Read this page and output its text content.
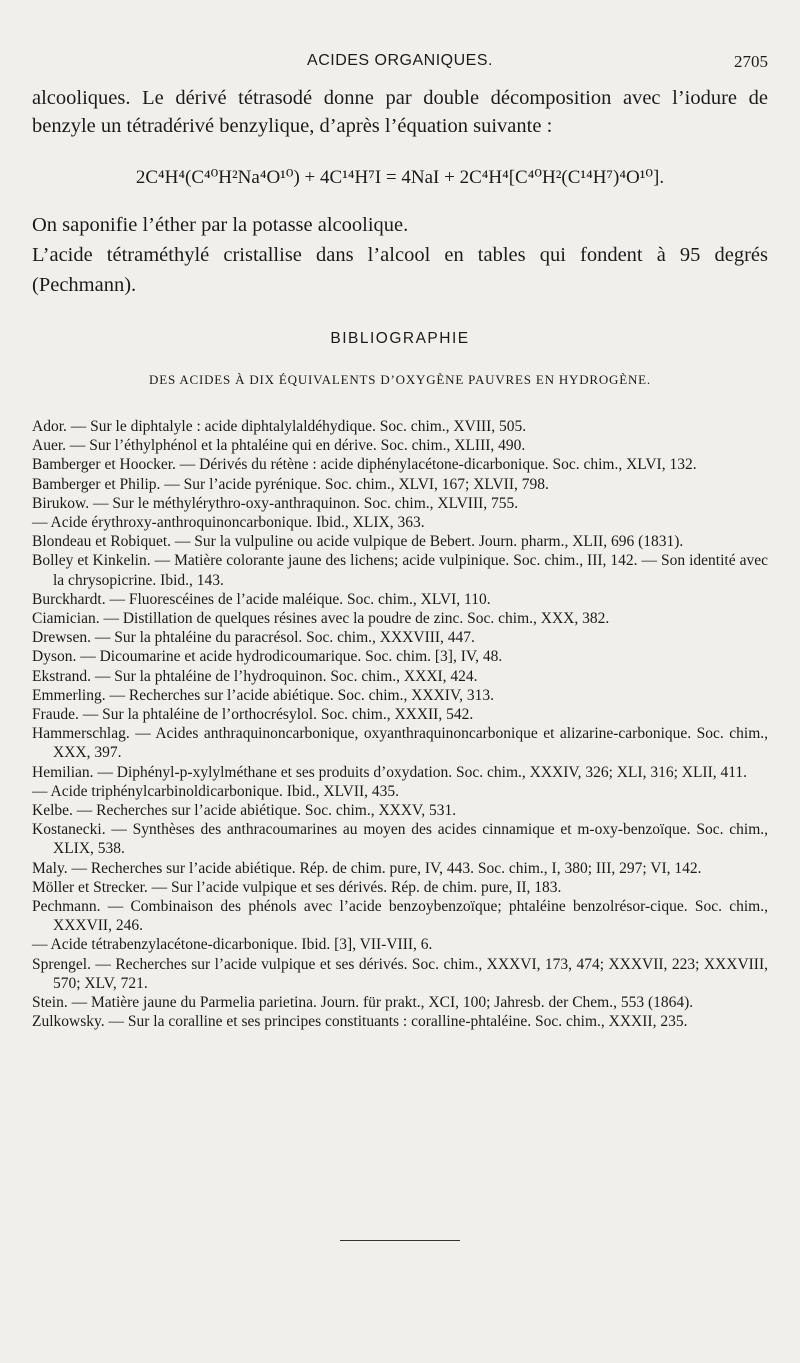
ACIDES ORGANIQUES.	2705

alcooliques. Le dérivé tétrasodé donne par double décomposition avec l’iodure de benzyle un tétradérivé benzylique, d’après l’équation suivante :

2C⁴H⁴(C⁴⁰H²Na⁴O¹⁰) + 4C¹⁴H⁷I = 4NaI + 2C⁴H⁴[C⁴⁰H²(C¹⁴H⁷)⁴O¹⁰].

On saponifie l’éther par la potasse alcoolique.

L’acide tétraméthylé cristallise dans l’alcool en tables qui fondent à 95 degrés (Pechmann).

BIBLIOGRAPHIE
DES ACIDES À DIX ÉQUIVALENTS D’OXYGÈNE PAUVRES EN HYDROGÈNE.

Ador. — Sur le diphtalyle : acide diphtalylaldéhydique. Soc. chim., XVIII, 505.

Auer. — Sur l’éthylphénol et la phtaléine qui en dérive. Soc. chim., XLIII, 490.

Bamberger et Hoocker. — Dérivés du rétène : acide diphénylacétone-dicarbonique. Soc. chim., XLVI, 132.

Bamberger et Philip. — Sur l’acide pyrénique. Soc. chim., XLVI, 167; XLVII, 798.

Birukow. — Sur le méthylérythro-oxy-anthraquinon. Soc. chim., XLVIII, 755.

— Acide érythroxy-anthroquinoncarbonique. Ibid., XLIX, 363.

Blondeau et Robiquet. — Sur la vulpuline ou acide vulpique de Bebert. Journ. pharm., XLII, 696 (1831).

Bolley et Kinkelin. — Matière colorante jaune des lichens; acide vulpinique. Soc. chim., III, 142. — Son identité avec la chrysopicrine. Ibid., 143.

Burckhardt. — Fluorescéines de l’acide maléique. Soc. chim., XLVI, 110.

Ciamician. — Distillation de quelques résines avec la poudre de zinc. Soc. chim., XXX, 382.

Drewsen. — Sur la phtaléine du paracrésol. Soc. chim., XXXVIII, 447.

Dyson. — Dicoumarine et acide hydrodicoumarique. Soc. chim. [3], IV, 48.

Ekstrand. — Sur la phtaléine de l’hydroquinon. Soc. chim., XXXI, 424.

Emmerling. — Recherches sur l’acide abiétique. Soc. chim., XXXIV, 313.

Fraude. — Sur la phtaléine de l’orthocrésylol. Soc. chim., XXXII, 542.

Hammerschlag. — Acides anthraquinoncarbonique, oxyanthraquinoncarbonique et alizarine-carbonique. Soc. chim., XXX, 397.

Hemilian. — Diphényl-p-xylylméthane et ses produits d’oxydation. Soc. chim., XXXIV, 326; XLI, 316; XLII, 411.

— Acide triphénylcarbinoldicarbonique. Ibid., XLVII, 435.

Kelbe. — Recherches sur l’acide abiétique. Soc. chim., XXXV, 531.

Kostanecki. — Synthèses des anthracoumarines au moyen des acides cinnamique et m-oxy-benzoïque. Soc. chim., XLIX, 538.

Maly. — Recherches sur l’acide abiétique. Rép. de chim. pure, IV, 443. Soc. chim., I, 380; III, 297; VI, 142.

Möller et Strecker. — Sur l’acide vulpique et ses dérivés. Rép. de chim. pure, II, 183.

Pechmann. — Combinaison des phénols avec l’acide benzoybenzoïque; phtaléine benzolrésor-cique. Soc. chim., XXXVII, 246.

— Acide tétrabenzylacétone-dicarbonique. Ibid. [3], VII-VIII, 6.

Sprengel. — Recherches sur l’acide vulpique et ses dérivés. Soc. chim., XXXVI, 173, 474; XXXVII, 223; XXXVIII, 570; XLV, 721.

Stein. — Matière jaune du Parmelia parietina. Journ. für prakt., XCI, 100; Jahresb. der Chem., 553 (1864).

Zulkowsky. — Sur la coralline et ses principes constituants : coralline-phtaléine. Soc. chim., XXXII, 235.
